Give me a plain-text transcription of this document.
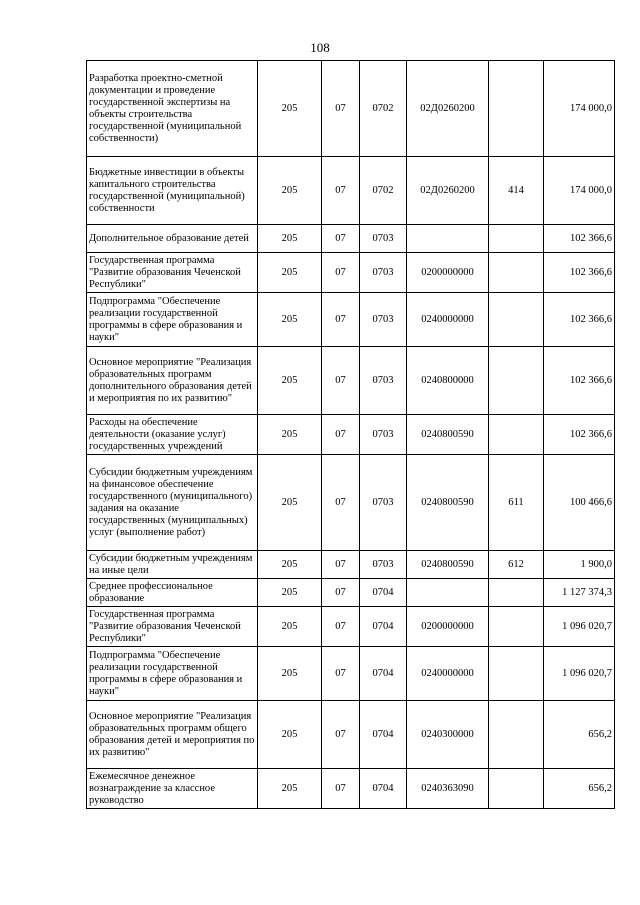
108
Разработка проектно-сметной документации и проведение государственной экспертизы на объекты строительства государственной (муниципальной собственности)	205	07	0702	02Д0260200		174 000,0
Бюджетные инвестиции в объекты капитального строительства государственной (муниципальной) собственности	205	07	0702	02Д0260200	414	174 000,0
Дополнительное образование детей	205	07	0703			102 366,6
Государственная программа "Развитие образования Чеченской Республики"	205	07	0703	0200000000		102 366,6
Подпрограмма "Обеспечение реализации государственной программы в сфере образования и науки"	205	07	0703	0240000000		102 366,6
Основное мероприятие "Реализация образовательных программ дополнительного образования детей и мероприятия по их развитию"	205	07	0703	0240800000		102 366,6
Расходы на обеспечение деятельности (оказание услуг) государственных учреждений	205	07	0703	0240800590		102 366,6
Субсидии бюджетным учреждениям на финансовое обеспечение государственного (муниципального) задания на оказание государственных (муниципальных) услуг (выполнение работ)	205	07	0703	0240800590	611	100 466,6
Субсидии бюджетным учреждениям на иные цели	205	07	0703	0240800590	612	1 900,0
Среднее профессиональное образование	205	07	0704			1 127 374,3
Государственная программа "Развитие образования Чеченской Республики"	205	07	0704	0200000000		1 096 020,7
Подпрограмма "Обеспечение реализации государственной программы в сфере образования и науки"	205	07	0704	0240000000		1 096 020,7
Основное мероприятие "Реализация образовательных программ общего образования детей и мероприятия по их развитию"	205	07	0704	0240300000		656,2
Ежемесячное денежное вознаграждение за классное руководство	205	07	0704	0240363090		656,2
